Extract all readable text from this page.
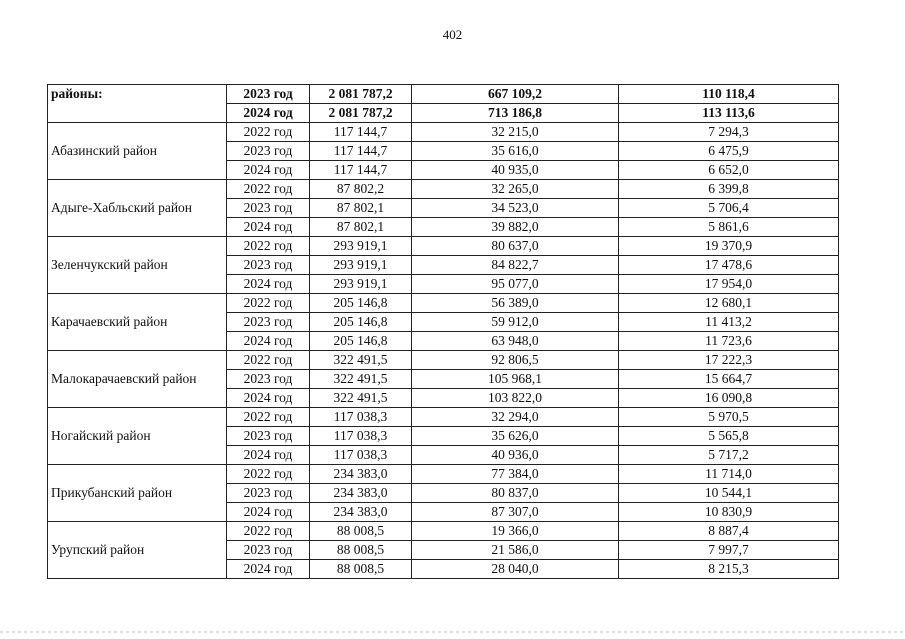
402
районы:	2023 год	2 081 787,2	667 109,2	110 118,4
	2024 год	2 081 787,2	713 186,8	113 113,6
Абазинский район	2022 год	117 144,7	32 215,0	7 294,3
	2023 год	117 144,7	35 616,0	6 475,9
	2024 год	117 144,7	40 935,0	6 652,0
Адыге-Хабльский район	2022 год	87 802,2	32 265,0	6 399,8
	2023 год	87 802,1	34 523,0	5 706,4
	2024 год	87 802,1	39 882,0	5 861,6
Зеленчукский район	2022 год	293 919,1	80 637,0	19 370,9
	2023 год	293 919,1	84 822,7	17 478,6
	2024 год	293 919,1	95 077,0	17 954,0
Карачаевский район	2022 год	205 146,8	56 389,0	12 680,1
	2023 год	205 146,8	59 912,0	11 413,2
	2024 год	205 146,8	63 948,0	11 723,6
Малокарачаевский район	2022 год	322 491,5	92 806,5	17 222,3
	2023 год	322 491,5	105 968,1	15 664,7
	2024 год	322 491,5	103 822,0	16 090,8
Ногайский район	2022 год	117 038,3	32 294,0	5 970,5
	2023 год	117 038,3	35 626,0	5 565,8
	2024 год	117 038,3	40 936,0	5 717,2
Прикубанский район	2022 год	234 383,0	77 384,0	11 714,0
	2023 год	234 383,0	80 837,0	10 544,1
	2024 год	234 383,0	87 307,0	10 830,9
Урупский район	2022 год	88 008,5	19 366,0	8 887,4
	2023 год	88 008,5	21 586,0	7 997,7
	2024 год	88 008,5	28 040,0	8 215,3
